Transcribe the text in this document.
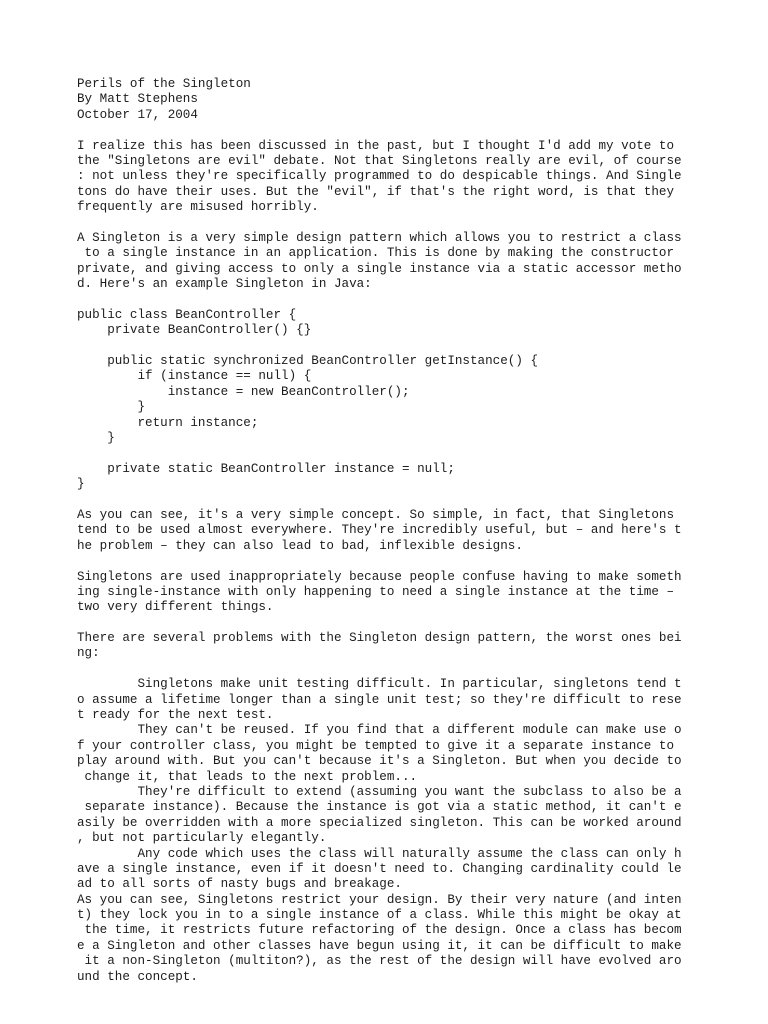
Perils of the Singleton
By Matt Stephens
October 17, 2004
I realize this has been discussed in the past, but I thought I'd add my vote to
the "Singletons are evil" debate. Not that Singletons really are evil, of course
: not unless they're specifically programmed to do despicable things. And Single
tons do have their uses. But the "evil", if that's the right word, is that they
frequently are misused horribly.
A Singleton is a very simple design pattern which allows you to restrict a class
to a single instance in an application. This is done by making the constructor
private, and giving access to only a single instance via a static accessor metho
d. Here's an example Singleton in Java:
public class BeanController {
private BeanController() {}
public static synchronized BeanController getInstance() {
if (instance == null) {
instance = new BeanController();
}
return instance;
}
private static BeanController instance = null;
}
As you can see, it's a very simple concept. So simple, in fact, that Singletons
tend to be used almost everywhere. They're incredibly useful, but – and here's t
he problem – they can also lead to bad, inflexible designs.
Singletons are used inappropriately because people confuse having to make someth
ing single-instance with only happening to need a single instance at the time –
two very different things.
There are several problems with the Singleton design pattern, the worst ones bei
ng:
Singletons make unit testing difficult. In particular, singletons tend t
o assume a lifetime longer than a single unit test; so they're difficult to rese
t ready for the next test.
They can't be reused. If you find that a different module can make use o
f your controller class, you might be tempted to give it a separate instance to
play around with. But you can't because it's a Singleton. But when you decide to
change it, that leads to the next problem...
They're difficult to extend (assuming you want the subclass to also be a
separate instance). Because the instance is got via a static method, it can't e
asily be overridden with a more specialized singleton. This can be worked around
, but not particularly elegantly.
Any code which uses the class will naturally assume the class can only h
ave a single instance, even if it doesn't need to. Changing cardinality could le
ad to all sorts of nasty bugs and breakage.
As you can see, Singletons restrict your design. By their very nature (and inten
t) they lock you in to a single instance of a class. While this might be okay at
the time, it restricts future refactoring of the design. Once a class has becom
e a Singleton and other classes have begun using it, it can be difficult to make
it a non-Singleton (multiton?), as the rest of the design will have evolved aro
und the concept.
